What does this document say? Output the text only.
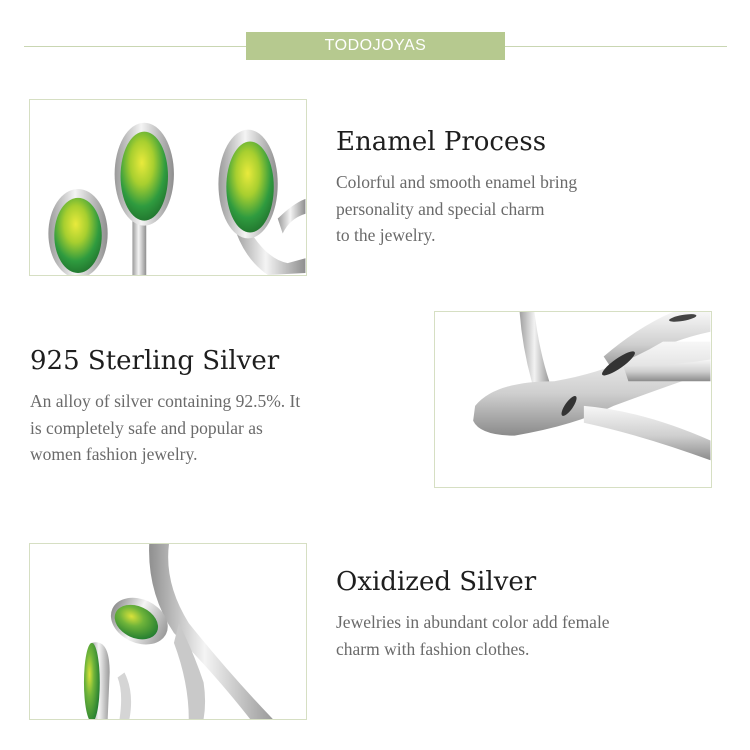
TODOJOYAS
Enamel Process
Colorful and smooth enamel bring
personality and special charm
to the jewelry.
925 Sterling Silver
An alloy of silver containing 92.5%. It
is completely safe and popular as
women fashion jewelry.
Oxidized Silver
Jewelries in abundant color add female
charm with fashion clothes.
